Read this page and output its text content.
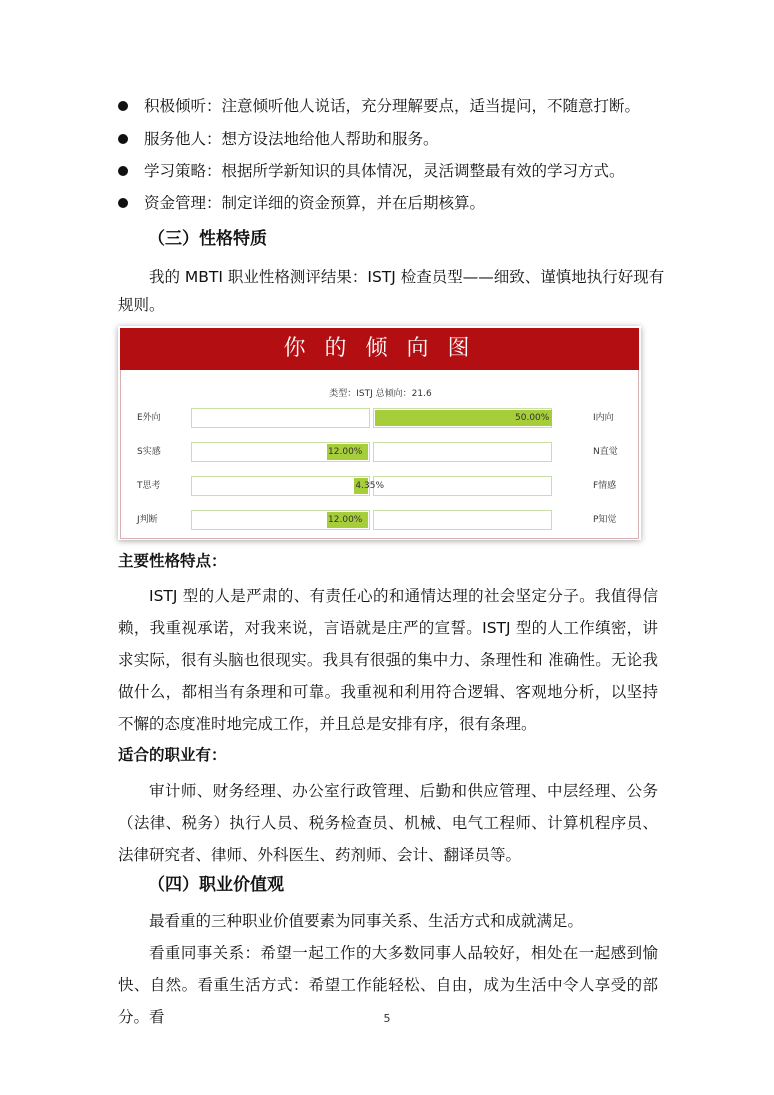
积极倾听：注意倾听他人说话，充分理解要点，适当提问，不随意打断。
服务他人：想方设法地给他人帮助和服务。
学习策略：根据所学新知识的具体情况，灵活调整最有效的学习方式。
资金管理：制定详细的资金预算，并在后期核算。
（三）性格特质
我的 MBTI 职业性格测评结果：ISTJ 检查员型——细致、谨慎地执行好现有
规则。
你 的 倾 向 图
类型：ISTJ 总倾向：21.6
E外向	I内向
50.00%
S实感	N直觉
12.00%
T思考	F情感
4.35%
J判断	P知觉
12.00%
主要性格特点：

ISTJ 型的人是严肃的、有责任心的和通情达理的社会坚定分子。我值得信赖，我重视承诺，对我来说，言语就是庄严的宣誓。ISTJ 型的人工作缜密，讲求实际，很有头脑也很现实。我具有很强的集中力、条理性和 准确性。无论我做什么，都相当有条理和可靠。我重视和利用符合逻辑、客观地分析，以坚持不懈的态度准时地完成工作，并且总是安排有序，很有条理。

适合的职业有：

审计师、财务经理、办公室行政管理、后勤和供应管理、中层经理、公务（法律、税务）执行人员、税务检查员、机械、电气工程师、计算机程序员、法律研究者、律师、外科医生、药剂师、会计、翻译员等。

（四）职业价值观

最看重的三种职业价值要素为同事关系、生活方式和成就满足。

看重同事关系：希望一起工作的大多数同事人品较好，相处在一起感到愉快、自然。看重生活方式：希望工作能轻松、自由，成为生活中令人享受的部分。看	5
